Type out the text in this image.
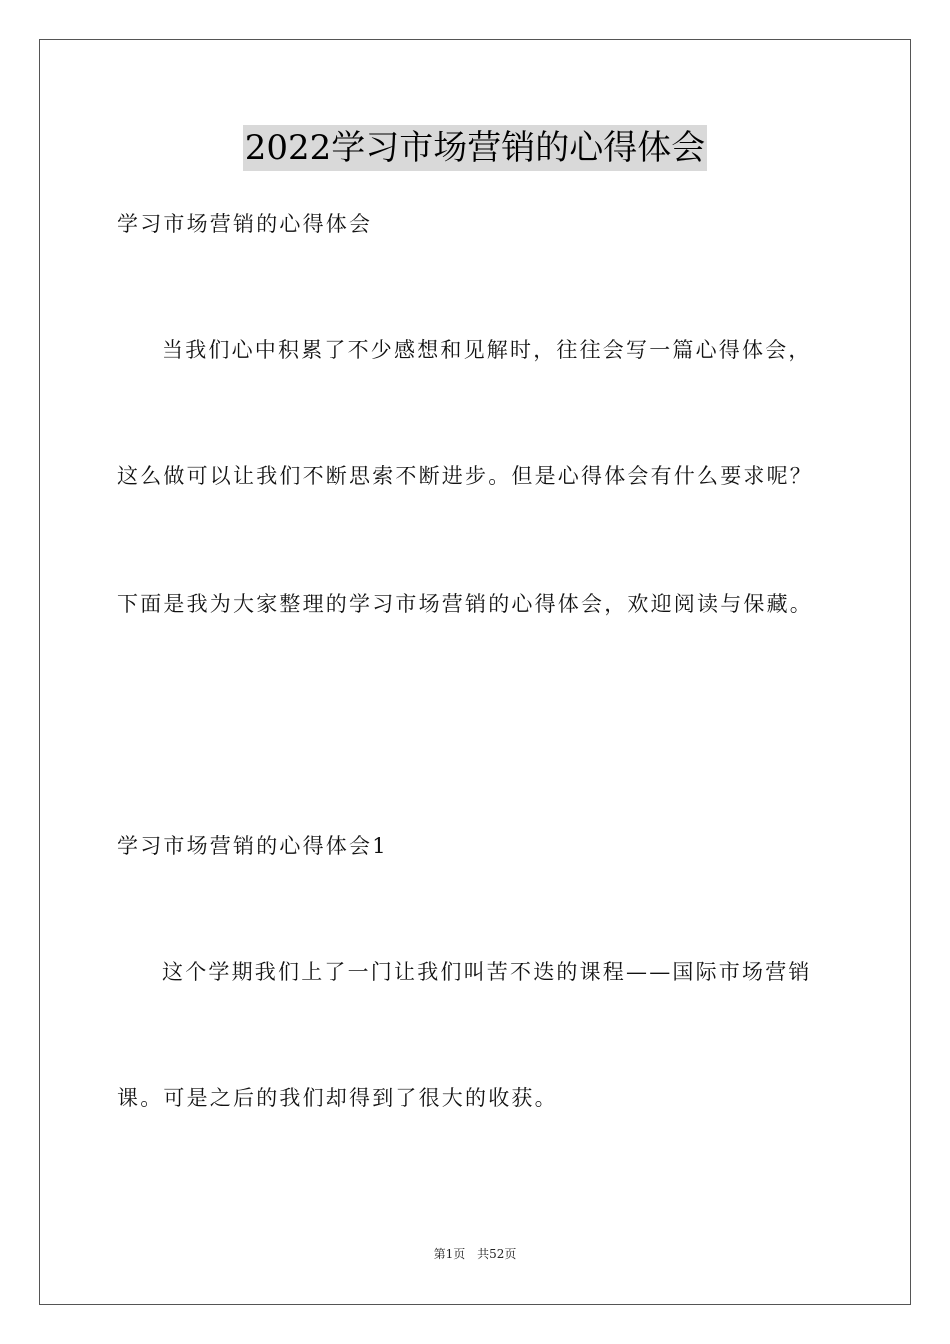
2022学习市场营销的心得体会
学习市场营销的心得体会
当我们心中积累了不少感想和见解时，往往会写一篇心得体会，
这么做可以让我们不断思索不断进步。但是心得体会有什么要求呢？
下面是我为大家整理的学习市场营销的心得体会，欢迎阅读与保藏。
学习市场营销的心得体会1
这个学期我们上了一门让我们叫苦不迭的课程——国际市场营销
课。可是之后的我们却得到了很大的收获。
第1页 共52页
